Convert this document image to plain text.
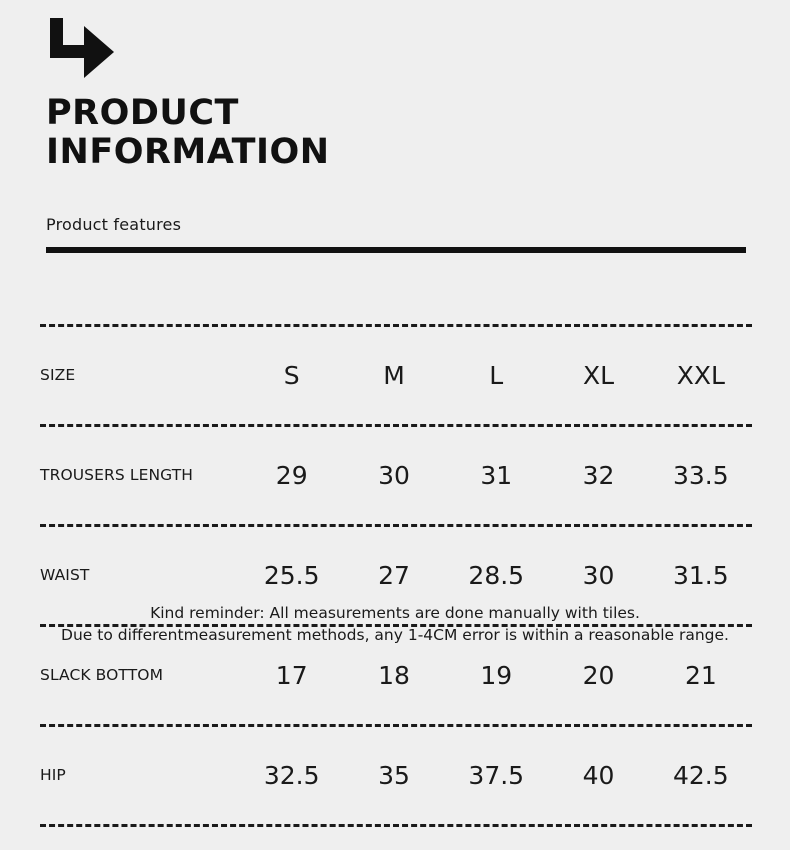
PRODUCT
INFORMATION
Product features

SIZE	S	M	L	XL	XXL

TROUSERS LENGTH	29	30	31	32	33.5

WAIST	25.5	27	28.5	30	31.5

SLACK BOTTOM	17	18	19	20	21

HIP	32.5	35	37.5	40	42.5

Kind reminder: All measurements are done manually with tiles.
Due to differentmeasurement methods, any 1-4CM error is within a reasonable range.
